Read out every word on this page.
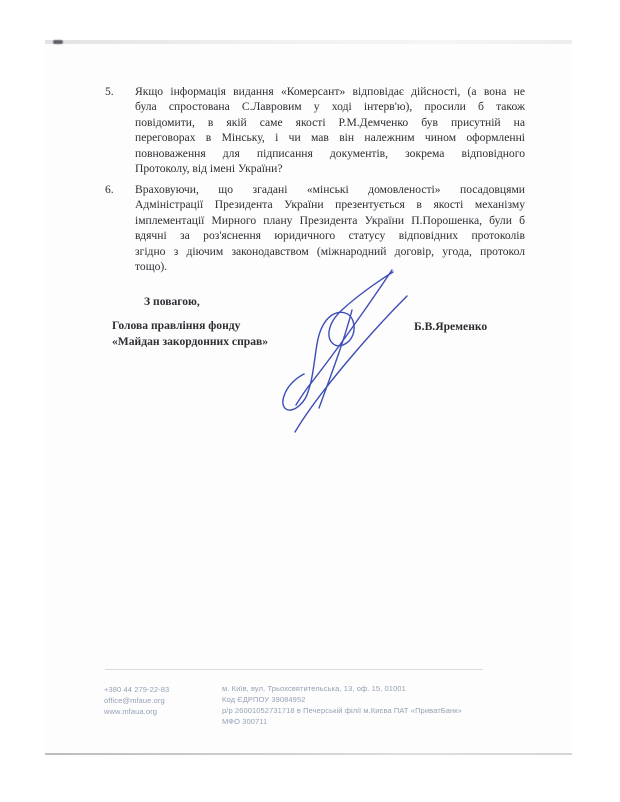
5.	Якщо інформація видання «Комерсант» відповідає дійсності, (а вона не
була спростована С.Лавровим у ході інтерв'ю), просили б також
повідомити, в якій саме якості Р.М.Демченко був присутній на
переговорах в Мінську, і чи мав він належним чином оформленні
повноваження для підписання документів, зокрема відповідного
Протоколу, від імені України?
6.	Враховуючи, що згадані «мінські домовленості» посадовцями
Адміністрації Президента України презентується в якості механізму
імплементації Мирного плану Президента України П.Порошенка, були б
вдячні за роз'яснення юридичного статусу відповідних протоколів
згідно з діючим законодавством (міжнародний договір, угода, протокол
тощо).
З повагою,
Голова правління фонду
«Майдан закордонних справ»
Б.В.Яременко
+380 44 279-22-83
office@mfaue.org
www.mfaua.org
м. Київ, вул. Трьохсвятительська, 13, оф. 15, 01001
Код ЄДРПОУ 39084952
р/р 26001052731718 в Печерській філії м.Києва ПАТ «ПриватБанк»
МФО 300711
